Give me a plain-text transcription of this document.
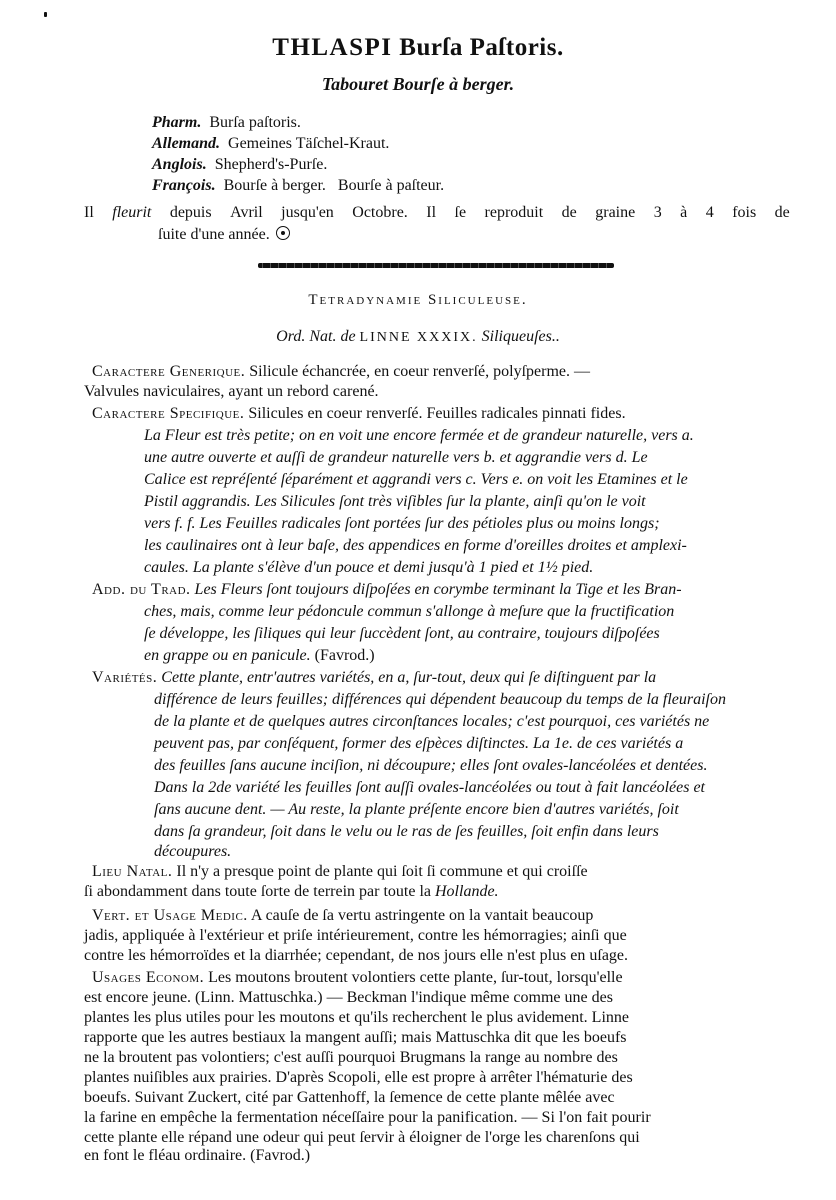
THLASPI Burſa Paſtoris.
Tabouret Bourſe à berger.
Pharm. Burſa paſtoris.
Allemand. Gemeines Täſchel-Kraut.
Anglois. Shepherd's-Purſe.
François. Bourſe à berger.   Bourſe à paſteur.
Il fleurit depuis Avril jusqu'en Octobre. Il ſe reproduit de graine 3 à 4 fois de
ſuite d'une année.
Tetradynamie Siliculeuse.
Ord. Nat. de LINNE XXXIX. Siliqueuſes..
Caractere Generique. Silicule échancrée, en coeur renverſé, polyſperme. —
Valvules naviculaires, ayant un rebord carené.
Caractere Specifique. Silicules en coeur renverſé. Feuilles radicales pinnati fides.
La Fleur est très petite; on en voit une encore fermée et de grandeur naturelle, vers a.
une autre ouverte et auſſi de grandeur naturelle vers b. et aggrandie vers d. Le
Calice est repréſenté ſéparément et aggrandi vers c. Vers e. on voit les Etamines et le
Pistil aggrandis. Les Silicules ſont très viſibles ſur la plante, ainſi qu'on le voit
vers f. f. Les Feuilles radicales ſont portées ſur des pétioles plus ou moins longs;
les caulinaires ont à leur baſe, des appendices en forme d'oreilles droites et amplexi-
caules. La plante s'élève d'un pouce et demi jusqu'à 1 pied et 1½ pied.
Add. du Trad. Les Fleurs ſont toujours diſpoſées en corymbe terminant la Tige et les Bran-
ches, mais, comme leur pédoncule commun s'allonge à meſure que la fructification
ſe développe, les ſiliques qui leur ſuccèdent ſont, au contraire, toujours diſpoſées
en grappe ou en panicule. (Favrod.)
Variétés. Cette plante, entr'autres variétés, en a, ſur-tout, deux qui ſe diſtinguent par la
différence de leurs feuilles; différences qui dépendent beaucoup du temps de la fleuraiſon
de la plante et de quelques autres circonſtances locales; c'est pourquoi, ces variétés ne
peuvent pas, par conſéquent, former des eſpèces diſtinctes. La 1e. de ces variétés a
des feuilles ſans aucune inciſion, ni découpure; elles ſont ovales-lancéolées et dentées.
Dans la 2de variété les feuilles ſont auſſi ovales-lancéolées ou tout à fait lancéolées et
ſans aucune dent. — Au reste, la plante préſente encore bien d'autres variétés, ſoit
dans ſa grandeur, ſoit dans le velu ou le ras de ſes feuilles, ſoit enfin dans leurs
découpures.
Lieu Natal. Il n'y a presque point de plante qui ſoit ſi commune et qui croiſſe
ſi abondamment dans toute ſorte de terrein par toute la Hollande.
Vert. et Usage Medic. A cauſe de ſa vertu astringente on la vantait beaucoup
jadis, appliquée à l'extérieur et priſe intérieurement, contre les hémorragies; ainſi que
contre les hémorroïdes et la diarrhée; cependant, de nos jours elle n'est plus en uſage.
Usages Econom. Les moutons broutent volontiers cette plante, ſur-tout, lorsqu'elle
est encore jeune. (Linn. Mattuschka.) — Beckman l'indique même comme une des
plantes les plus utiles pour les moutons et qu'ils recherchent le plus avidement. Linne
rapporte que les autres bestiaux la mangent auſſi; mais Mattuschka dit que les boeufs
ne la broutent pas volontiers; c'est auſſi pourquoi Brugmans la range au nombre des
plantes nuiſibles aux prairies. D'après Scopoli, elle est propre à arrêter l'hématurie des
boeufs. Suivant Zuckert, cité par Gattenhoff, la ſemence de cette plante mêlée avec
la farine en empêche la fermentation néceſſaire pour la panification. — Si l'on fait pourir
cette plante elle répand une odeur qui peut ſervir à éloigner de l'orge les charenſons qui
en font le fléau ordinaire. (Favrod.)
